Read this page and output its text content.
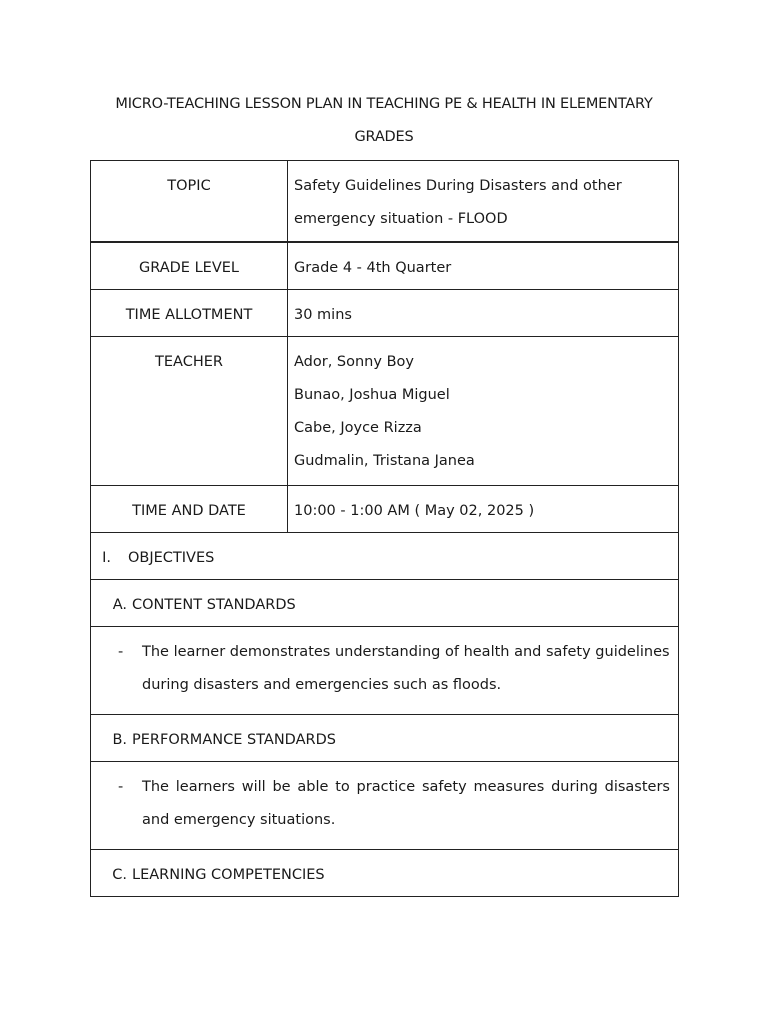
MICRO-TEACHING LESSON PLAN IN TEACHING PE & HEALTH IN ELEMENTARY
GRADES
TOPIC	Safety Guidelines During Disasters and other
emergency situation - FLOOD

GRADE LEVEL	Grade 4 - 4th Quarter

TIME ALLOTMENT	30 mins

TEACHER	Ador, Sonny Boy
Bunao, Joshua Miguel
Cabe, Joyce Rizza
Gudmalin, Tristana Janea

TIME AND DATE	10:00 - 1:00 AM ( May 02, 2025 )

I. OBJECTIVES	

A. CONTENT STANDARDS	

- The learner demonstrates understanding of health and safety guidelines during disasters and emergencies such as floods.	

B. PERFORMANCE STANDARDS	

- The learners will be able to practice safety measures during disasters and emergency situations.	

C. LEARNING COMPETENCIES	
